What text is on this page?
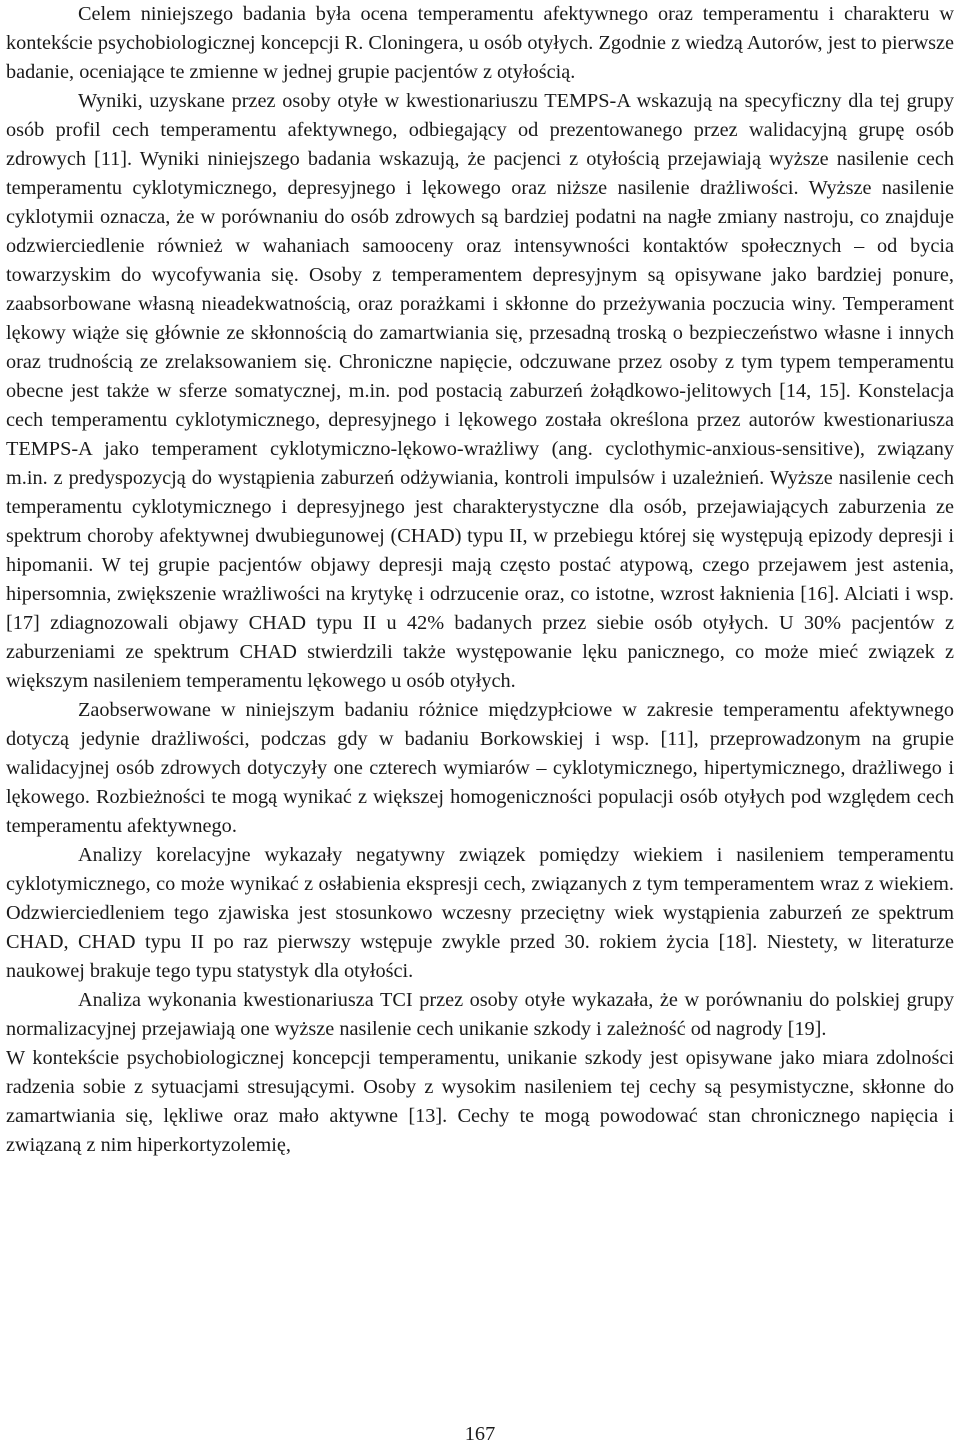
Celem niniejszego badania była ocena temperamentu afektywnego oraz temperamentu i charakteru w kontekście psychobiologicznej koncepcji R. Cloningera, u osób otyłych. Zgodnie z wiedzą Autorów, jest to pierwsze badanie, oceniające te zmienne w jednej grupie pacjentów z otyłością.

Wyniki, uzyskane przez osoby otyłe w kwestionariuszu TEMPS-A wskazują na specyficzny dla tej grupy osób profil cech temperamentu afektywnego, odbiegający od prezentowanego przez walidacyjną grupę osób zdrowych [11]. Wyniki niniejszego badania wskazują, że pacjenci z otyłością przejawiają wyższe nasilenie cech temperamentu cyklotymicznego, depresyjnego i lękowego oraz niższe nasilenie drażliwości. Wyższe nasilenie cyklotymii oznacza, że w porównaniu do osób zdrowych są bardziej podatni na nagłe zmiany nastroju, co znajduje odzwierciedlenie również w wahaniach samooceny oraz intensywności kontaktów społecznych – od bycia towarzyskim do wycofywania się. Osoby z temperamentem depresyjnym są opisywane jako bardziej ponure, zaabsorbowane własną nieadekwatnością, oraz porażkami i skłonne do przeżywania poczucia winy. Temperament lękowy wiąże się głównie ze skłonnością do zamartwiania się, przesadną troską o bezpieczeństwo własne i innych oraz trudnością ze zrelaksowaniem się. Chroniczne napięcie, odczuwane przez osoby z tym typem temperamentu obecne jest także w sferze somatycznej, m.in. pod postacią zaburzeń żołądkowo-jelitowych [14, 15]. Konstelacja cech temperamentu cyklotymicznego, depresyjnego i lękowego została określona przez autorów kwestionariusza TEMPS-A jako temperament cyklotymiczno-lękowo-wrażliwy (ang. cyclothymic-anxious-sensitive), związany m.in. z predyspozycją do wystąpienia zaburzeń odżywiania, kontroli impulsów i uzależnień. Wyższe nasilenie cech temperamentu cyklotymicznego i depresyjnego jest charakterystyczne dla osób, przejawiających zaburzenia ze spektrum choroby afektywnej dwubiegunowej (CHAD) typu II, w przebiegu której się występują epizody depresji i hipomanii. W tej grupie pacjentów objawy depresji mają często postać atypową, czego przejawem jest astenia, hipersomnia, zwiększenie wrażliwości na krytykę i odrzucenie oraz, co istotne, wzrost łaknienia [16]. Alciati i wsp. [17] zdiagnozowali objawy CHAD typu II u 42% badanych przez siebie osób otyłych. U 30% pacjentów z zaburzeniami ze spektrum CHAD stwierdzili także występowanie lęku panicznego, co może mieć związek z większym nasileniem temperamentu lękowego u osób otyłych.

Zaobserwowane w niniejszym badaniu różnice międzypłciowe w zakresie temperamentu afektywnego dotyczą jedynie drażliwości, podczas gdy w badaniu Borkowskiej i wsp. [11], przeprowadzonym na grupie walidacyjnej osób zdrowych dotyczyły one czterech wymiarów – cyklotymicznego, hipertymicznego, drażliwego i lękowego. Rozbieżności te mogą wynikać z większej homogeniczności populacji osób otyłych pod względem cech temperamentu afektywnego.

Analizy korelacyjne wykazały negatywny związek pomiędzy wiekiem i nasileniem temperamentu cyklotymicznego, co może wynikać z osłabienia ekspresji cech, związanych z tym temperamentem wraz z wiekiem. Odzwierciedleniem tego zjawiska jest stosunkowo wczesny przeciętny wiek wystąpienia zaburzeń ze spektrum CHAD, CHAD typu II po raz pierwszy wstępuje zwykle przed 30. rokiem życia [18]. Niestety, w literaturze naukowej brakuje tego typu statystyk dla otyłości.

Analiza wykonania kwestionariusza TCI przez osoby otyłe wykazała, że w porównaniu do polskiej grupy normalizacyjnej przejawiają one wyższe nasilenie cech unikanie szkody i zależność od nagrody [19].

W kontekście psychobiologicznej koncepcji temperamentu, unikanie szkody jest opisywane jako miara zdolności radzenia sobie z sytuacjami stresującymi. Osoby z wysokim nasileniem tej cechy są pesymistyczne, skłonne do zamartwiania się, lękliwe oraz mało aktywne [13]. Cechy te mogą powodować stan chronicznego napięcia i związaną z nim hiperkortyzolemię,

167
